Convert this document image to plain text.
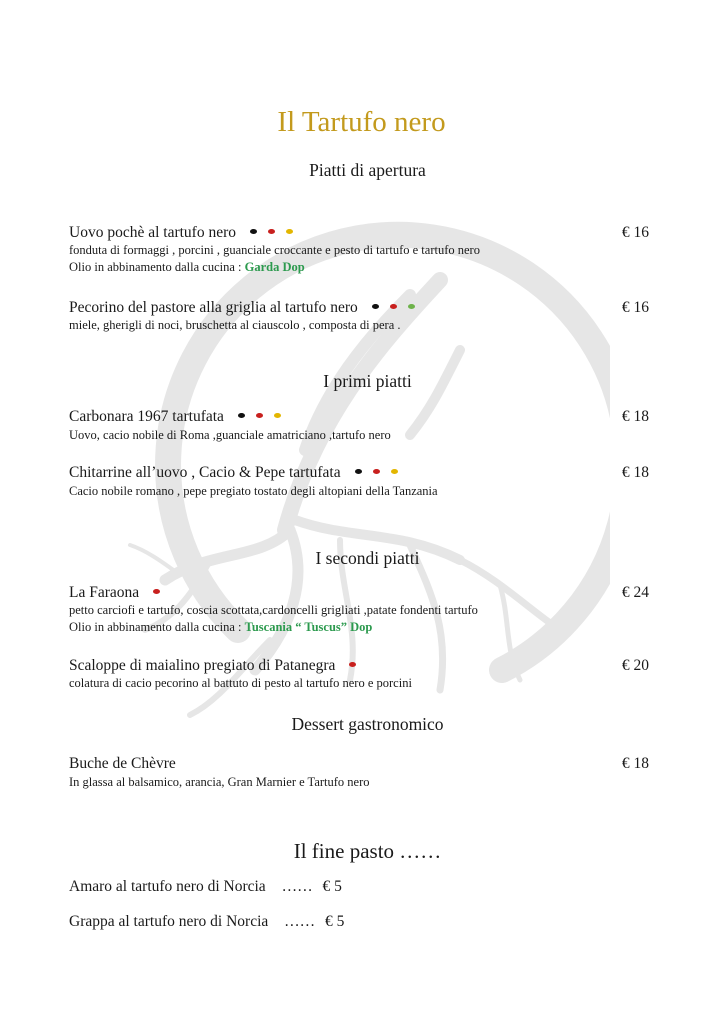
Il Tartufo nero
Piatti di apertura
Uovo pochè al tartufo nero	€ 16
fonduta di formaggi , porcini , guanciale croccante e pesto di tartufo e tartufo nero
Olio in abbinamento dalla cucina : Garda Dop
Pecorino del pastore alla griglia al tartufo nero	€ 16
miele, gherigli di noci, bruschetta al ciauscolo , composta di pera .
I primi piatti
Carbonara 1967 tartufata	€ 18
Uovo, cacio nobile di Roma ,guanciale amatriciano ,tartufo nero
Chitarrine all’uovo , Cacio & Pepe tartufata	€ 18
Cacio nobile romano , pepe pregiato tostato degli altopiani della Tanzania
I secondi piatti
La Faraona	€ 24
petto carciofi e tartufo, coscia scottata,cardoncelli grigliati ,patate fondenti tartufo
Olio in abbinamento dalla cucina : Tuscania “ Tuscus” Dop
Scaloppe di maialino pregiato di Patanegra	€ 20
colatura di cacio pecorino al battuto di pesto al tartufo nero e porcini
Dessert gastronomico
Buche de Chèvre	€ 18
In glassa al balsamico, arancia, Gran Marnier e Tartufo nero
Il fine pasto ……
Amaro al tartufo nero di Norcia …… € 5
Grappa al tartufo nero di Norcia …… € 5
